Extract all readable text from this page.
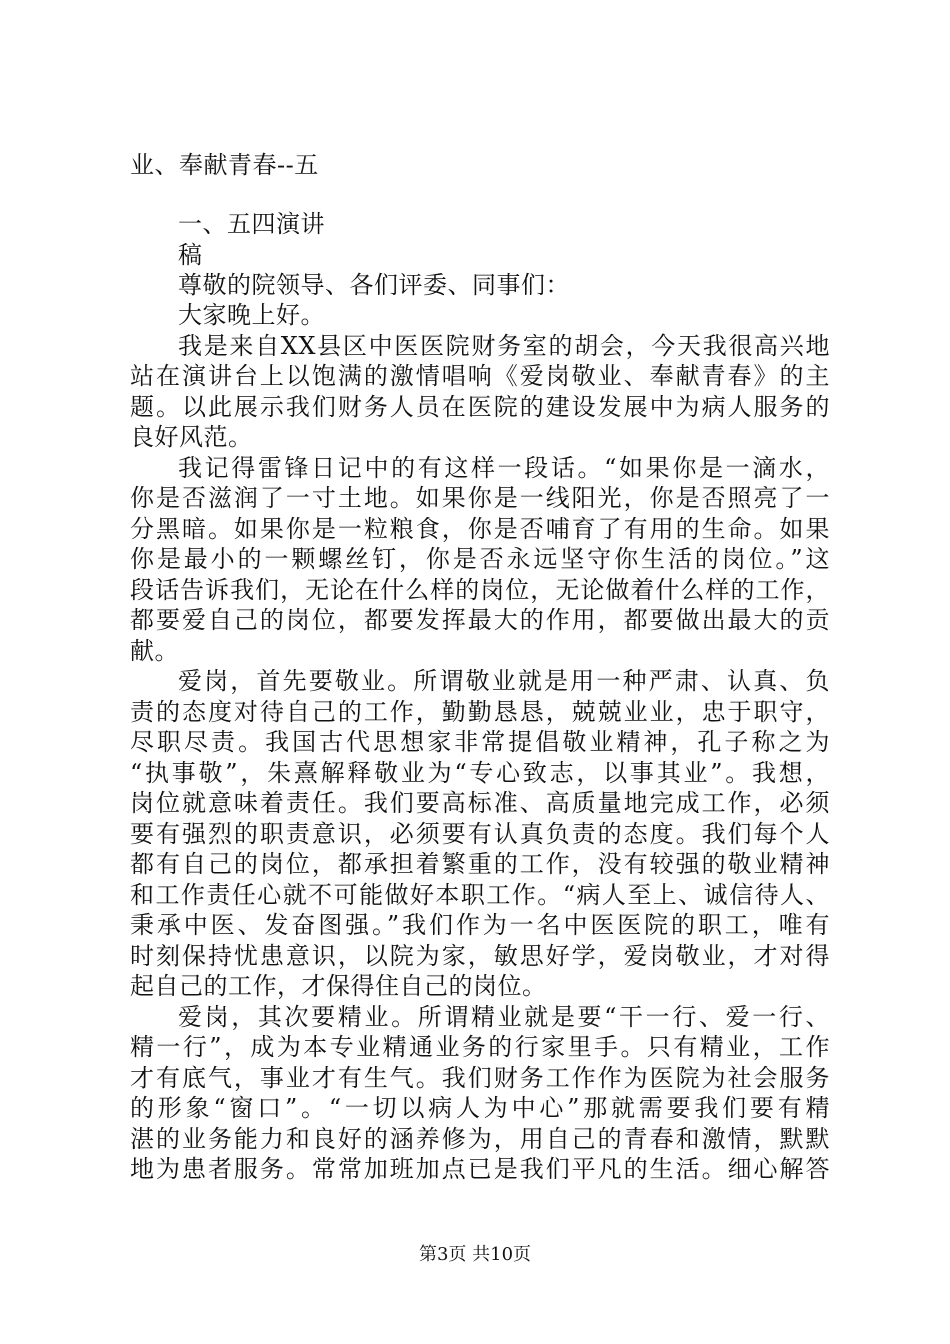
业、奉献青春--五
一、五四演讲
稿
尊敬的院领导、各们评委、同事们：
大家晚上好。
我是来自XX县区中医医院财务室的胡会，今天我很高兴地
站在演讲台上以饱满的激情唱响《爱岗敬业、奉献青春》的主
题。以此展示我们财务人员在医院的建设发展中为病人服务的
良好风范。
我记得雷锋日记中的有这样一段话。“如果你是一滴水，
你是否滋润了一寸土地。如果你是一线阳光，你是否照亮了一
分黑暗。如果你是一粒粮食，你是否哺育了有用的生命。如果
你是最小的一颗螺丝钉，你是否永远坚守你生活的岗位。”这
段话告诉我们，无论在什么样的岗位，无论做着什么样的工作，
都要爱自己的岗位，都要发挥最大的作用，都要做出最大的贡
献。
爱岗，首先要敬业。所谓敬业就是用一种严肃、认真、负
责的态度对待自己的工作，勤勤恳恳，兢兢业业，忠于职守，
尽职尽责。我国古代思想家非常提倡敬业精神，孔子称之为
“执事敬”，朱熹解释敬业为“专心致志，以事其业”。我想，
岗位就意味着责任。我们要高标准、高质量地完成工作，必须
要有强烈的职责意识，必须要有认真负责的态度。我们每个人
都有自己的岗位，都承担着繁重的工作，没有较强的敬业精神
和工作责任心就不可能做好本职工作。“病人至上、诚信待人、
秉承中医、发奋图强。”我们作为一名中医医院的职工，唯有
时刻保持忧患意识，以院为家，敏思好学，爱岗敬业，才对得
起自己的工作，才保得住自己的岗位。
爱岗，其次要精业。所谓精业就是要“干一行、爱一行、
精一行”，成为本专业精通业务的行家里手。只有精业，工作
才有底气，事业才有生气。我们财务工作作为医院为社会服务
的形象“窗口”。“一切以病人为中心”那就需要我们要有精
湛的业务能力和良好的涵养修为，用自己的青春和激情，默默
地为患者服务。常常加班加点已是我们平凡的生活。细心解答
第3页 共10页
